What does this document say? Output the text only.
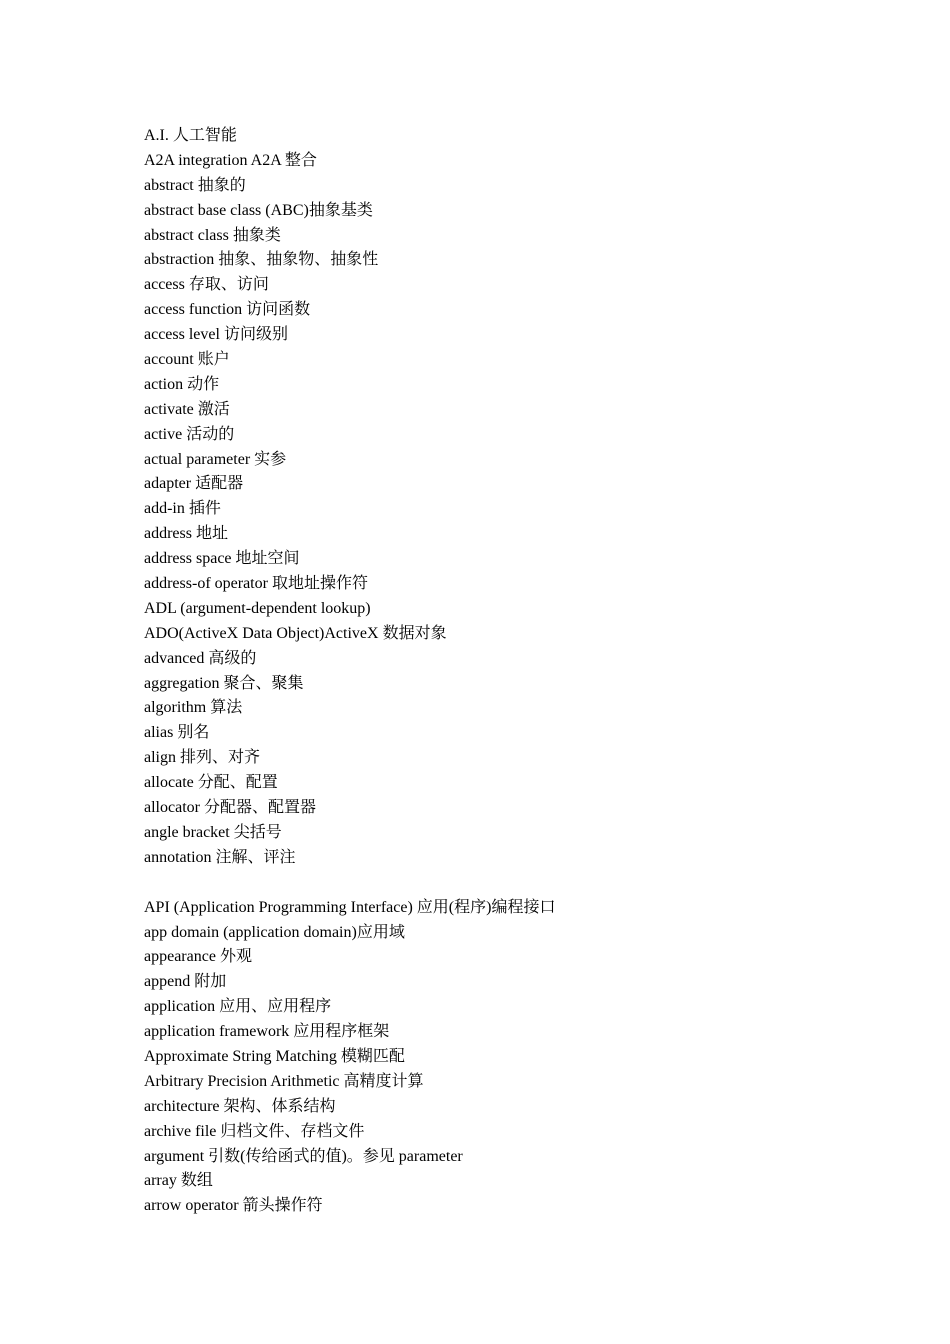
A.I. 人工智能
A2A integration A2A 整合
abstract 抽象的
abstract base class (ABC)抽象基类
abstract class 抽象类
abstraction 抽象、抽象物、抽象性
access 存取、访问
access function 访问函数
access level 访问级别
account 账户
action 动作
activate 激活
active 活动的
actual parameter 实参
adapter 适配器
add-in 插件
address 地址
address space 地址空间
address-of operator 取地址操作符
ADL (argument-dependent lookup)
ADO(ActiveX Data Object)ActiveX 数据对象
advanced 高级的
aggregation 聚合、聚集
algorithm 算法
alias 别名
align 排列、对齐
allocate 分配、配置
allocator 分配器、配置器
angle bracket 尖括号
annotation 注解、评注
API (Application Programming Interface) 应用(程序)编程接口
app domain (application domain)应用域
appearance 外观
append 附加
application 应用、应用程序
application framework 应用程序框架
Approximate String Matching 模糊匹配
Arbitrary Precision Arithmetic 高精度计算
architecture 架构、体系结构
archive file 归档文件、存档文件
argument 引数(传给函式的值)。参见 parameter
array 数组
arrow operator 箭头操作符
